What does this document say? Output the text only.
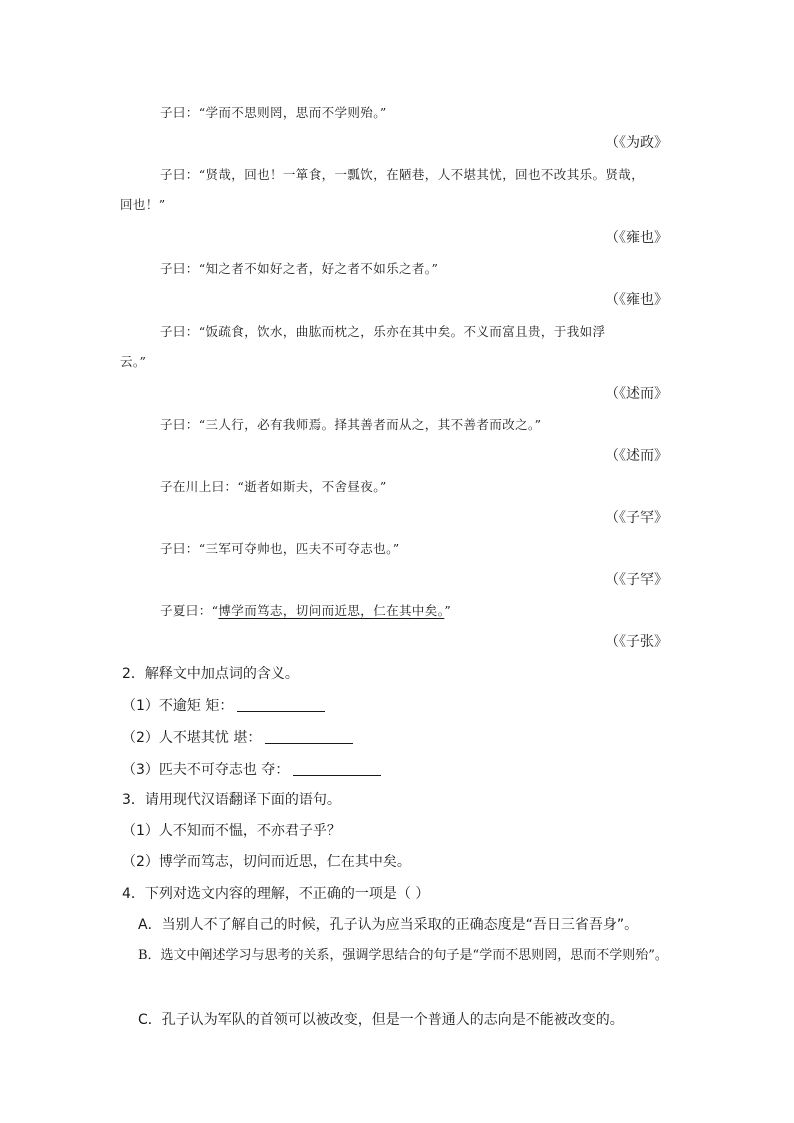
子曰：“学而不思则罔，思而不学则殆。”
（《为政》
子曰：“贤哉，回也！一箪食，一瓢饮，在陋巷，人不堪其忧，回也不改其乐。贤哉，
回也！”
（《雍也》
子曰：“知之者不如好之者，好之者不如乐之者。”
（《雍也》
子曰：“饭疏食，饮水，曲肱而枕之，乐亦在其中矣。不义而富且贵，于我如浮
云。”
（《述而》
子曰：“三人行，必有我师焉。择其善者而从之，其不善者而改之。”
（《述而》
子在川上曰：“逝者如斯夫，不舍昼夜。”
（《子罕》
子曰：“三军可夺帅也，匹夫不可夺志也。”
（《子罕》
子夏曰：“博学而笃志，切问而近思，仁在其中矣。”
（《子张》
2．解释文中加点词的含义。
（1）不逾矩 矩：
（2）人不堪其忧 堪：
（3）匹夫不可夺志也 夺：
3．请用现代汉语翻译下面的语句。
（1）人不知而不愠，不亦君子乎？
（2）博学而笃志，切问而近思，仁在其中矣。
4．下列对选文内容的理解，不正确的一项是（ ）
A．当别人不了解自己的时候，孔子认为应当采取的正确态度是“吾日三省吾身”。
B．选文中阐述学习与思考的关系，强调学思结合的句子是“学而不思则罔，思而不学则殆”。
C．孔子认为军队的首领可以被改变，但是一个普通人的志向是不能被改变的。
